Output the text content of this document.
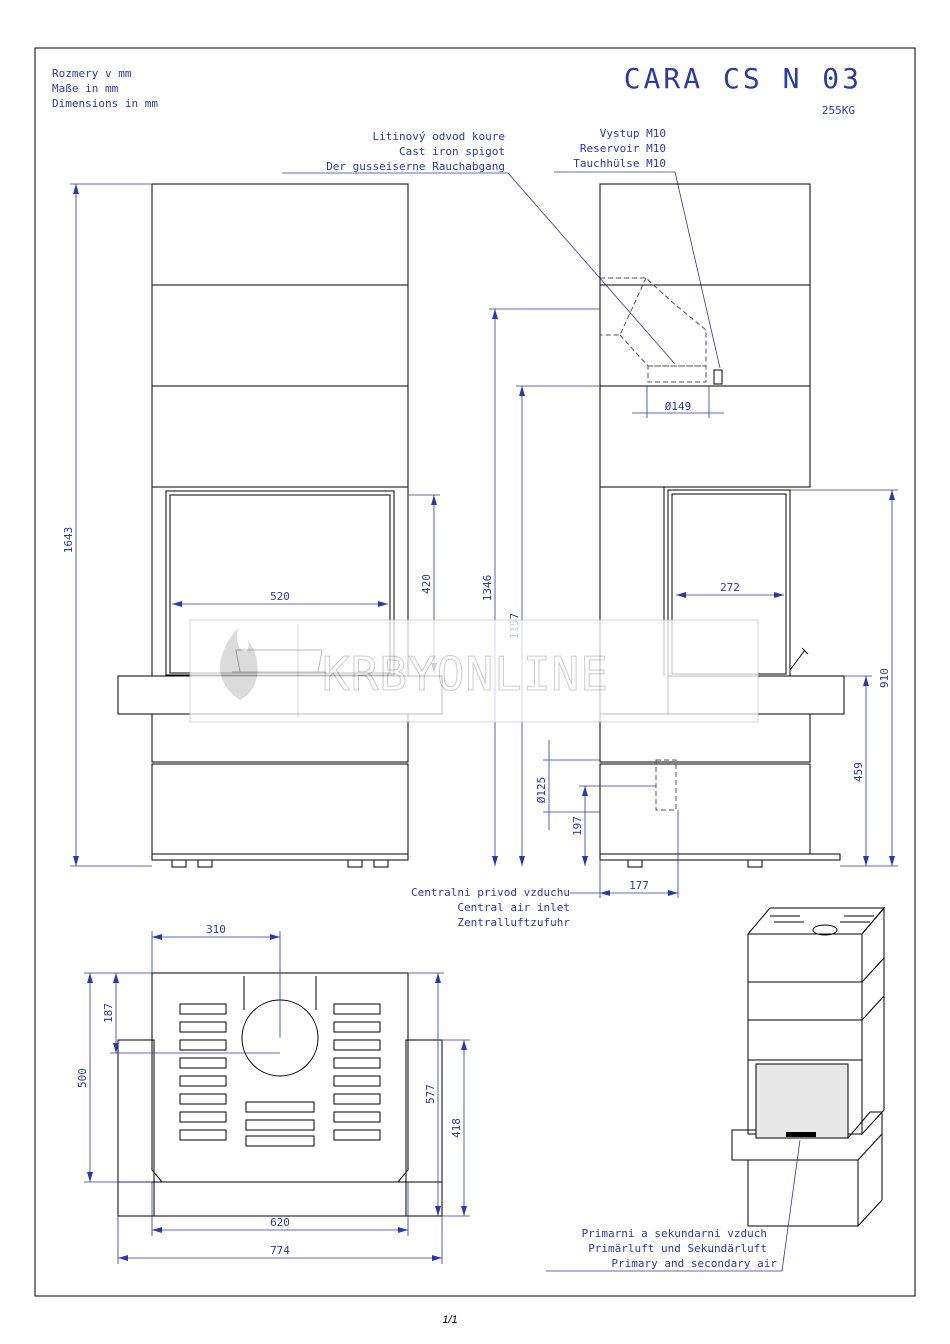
Rozmery v mm
Maße in mm
Dimensions in mm
CARA CS N 03
255KG
Litinový odvod koure
Cast iron spigot
Der gusseiserne Rauchabgang
Vystup M10
Reservoir M10
Tauchhülse M10
1643
420
520	1346
Ø149
272
910
459
Ø125
197
177
Centralni privod vzduchu
Central air inlet
Zentralluftzufuhr
310
187
500
577
418
620
774
Primarni a sekundarni vzduch
Primärluft und Sekundärluft
Primary and secondary air
KRBYONLINE
1/1
